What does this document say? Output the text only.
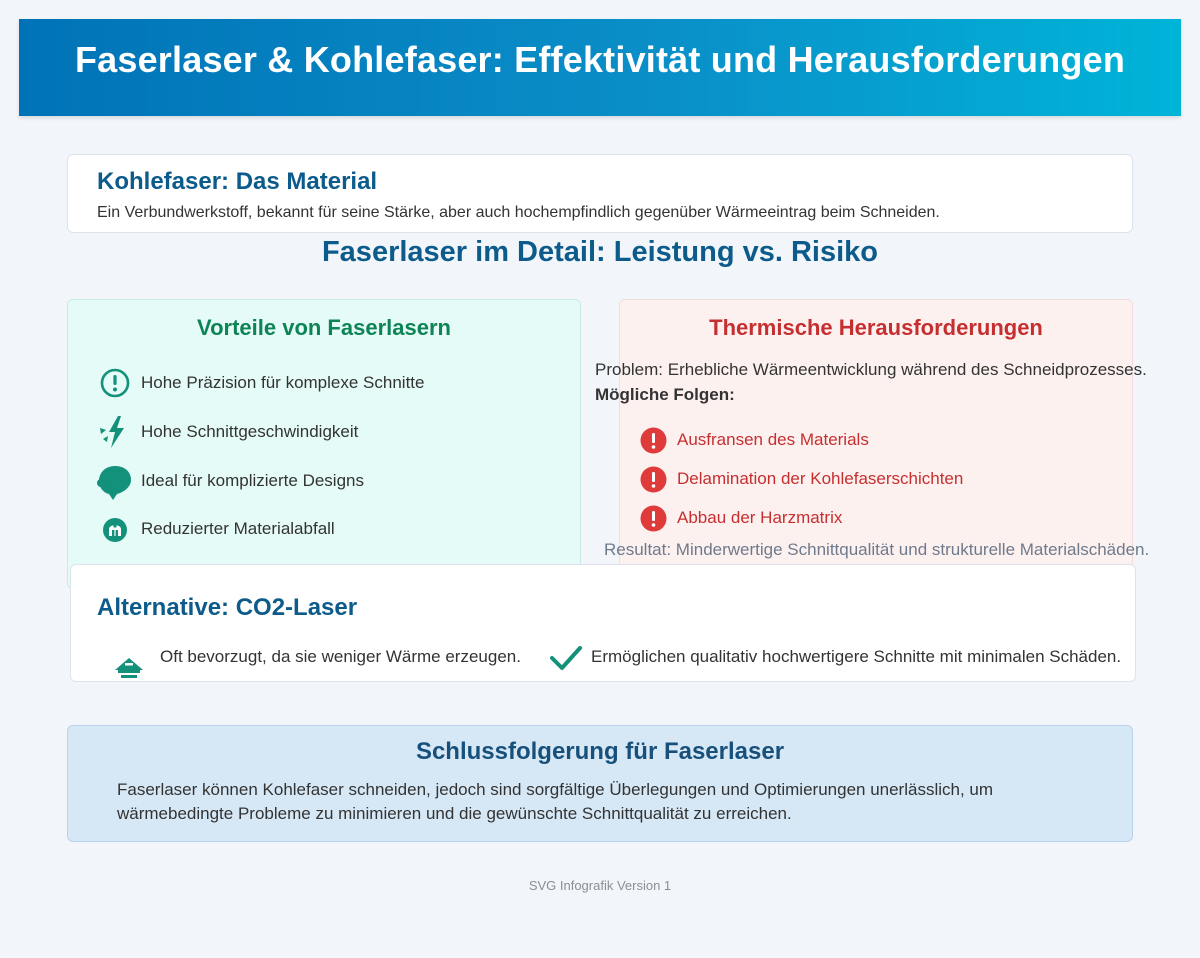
Faserlaser & Kohlefaser: Effektivität und Herausforderungen
Kohlefaser: Das Material

Ein Verbundwerkstoff, bekannt für seine Stärke, aber auch hochempfindlich gegenüber Wärmeeintrag beim Schneiden.

Faserlaser im Detail: Leistung vs. Risiko
Vorteile von Faserlasern
Hohe Präzision für komplexe Schnitte
Hohe Schnittgeschwindigkeit
Ideal für komplizierte Designs
Reduzierter Materialabfall
Thermische Herausforderungen
Problem: Erhebliche Wärmeentwicklung während des Schneidprozesses.
Mögliche Folgen:
Ausfransen des Materials
Delamination der Kohlefaserschichten
Abbau der Harzmatrix
Resultat: Minderwertige Schnittqualität und strukturelle Materialschäden.
Alternative: CO2-Laser
Oft bevorzugt, da sie weniger Wärme erzeugen.	Ermöglichen qualitativ hochwertigere Schnitte mit minimalen Schäden.
Schlussfolgerung für Faserlaser

Faserlaser können Kohlefaser schneiden, jedoch sind sorgfältige Überlegungen und Optimierungen unerlässlich, um wärmebedingte Probleme zu minimieren und die gewünschte Schnittqualität zu erreichen.

SVG Infografik Version 1
